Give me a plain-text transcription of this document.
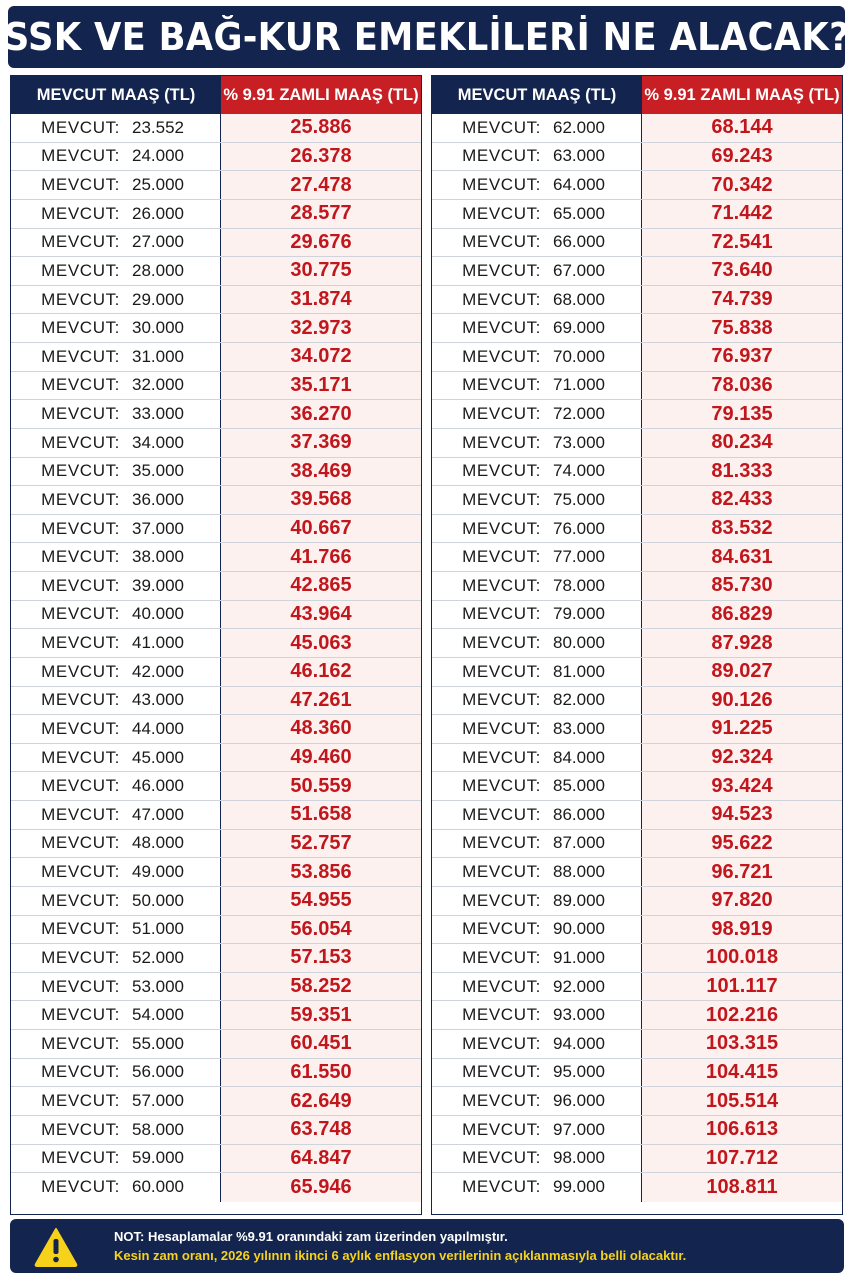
SSK VE BAĞ-KUR EMEKLİLERİ NE ALACAK?
MEVCUT MAAŞ (TL)	% 9.91 ZAMLI MAAŞ (TL)
MEVCUT: 23.552	25.886
MEVCUT: 24.000	26.378
MEVCUT: 25.000	27.478
MEVCUT: 26.000	28.577
MEVCUT: 27.000	29.676
MEVCUT: 28.000	30.775
MEVCUT: 29.000	31.874
MEVCUT: 30.000	32.973
MEVCUT: 31.000	34.072
MEVCUT: 32.000	35.171
MEVCUT: 33.000	36.270
MEVCUT: 34.000	37.369
MEVCUT: 35.000	38.469
MEVCUT: 36.000	39.568
MEVCUT: 37.000	40.667
MEVCUT: 38.000	41.766
MEVCUT: 39.000	42.865
MEVCUT: 40.000	43.964
MEVCUT: 41.000	45.063
MEVCUT: 42.000	46.162
MEVCUT: 43.000	47.261
MEVCUT: 44.000	48.360
MEVCUT: 45.000	49.460
MEVCUT: 46.000	50.559
MEVCUT: 47.000	51.658
MEVCUT: 48.000	52.757
MEVCUT: 49.000	53.856
MEVCUT: 50.000	54.955
MEVCUT: 51.000	56.054
MEVCUT: 52.000	57.153
MEVCUT: 53.000	58.252
MEVCUT: 54.000	59.351
MEVCUT: 55.000	60.451
MEVCUT: 56.000	61.550
MEVCUT: 57.000	62.649
MEVCUT: 58.000	63.748
MEVCUT: 59.000	64.847
MEVCUT: 60.000	65.946
MEVCUT MAAŞ (TL)	% 9.91 ZAMLI MAAŞ (TL)
MEVCUT: 62.000	68.144
MEVCUT: 63.000	69.243
MEVCUT: 64.000	70.342
MEVCUT: 65.000	71.442
MEVCUT: 66.000	72.541
MEVCUT: 67.000	73.640
MEVCUT: 68.000	74.739
MEVCUT: 69.000	75.838
MEVCUT: 70.000	76.937
MEVCUT: 71.000	78.036
MEVCUT: 72.000	79.135
MEVCUT: 73.000	80.234
MEVCUT: 74.000	81.333
MEVCUT: 75.000	82.433
MEVCUT: 76.000	83.532
MEVCUT: 77.000	84.631
MEVCUT: 78.000	85.730
MEVCUT: 79.000	86.829
MEVCUT: 80.000	87.928
MEVCUT: 81.000	89.027
MEVCUT: 82.000	90.126
MEVCUT: 83.000	91.225
MEVCUT: 84.000	92.324
MEVCUT: 85.000	93.424
MEVCUT: 86.000	94.523
MEVCUT: 87.000	95.622
MEVCUT: 88.000	96.721
MEVCUT: 89.000	97.820
MEVCUT: 90.000	98.919
MEVCUT: 91.000	100.018
MEVCUT: 92.000	101.117
MEVCUT: 93.000	102.216
MEVCUT: 94.000	103.315
MEVCUT: 95.000	104.415
MEVCUT: 96.000	105.514
MEVCUT: 97.000	106.613
MEVCUT: 98.000	107.712
MEVCUT: 99.000	108.811
NOT: Hesaplamalar %9.91 oranındaki zam üzerinden yapılmıştır.
Kesin zam oranı, 2026 yılının ikinci 6 aylık enflasyon verilerinin açıklanmasıyla belli olacaktır.
